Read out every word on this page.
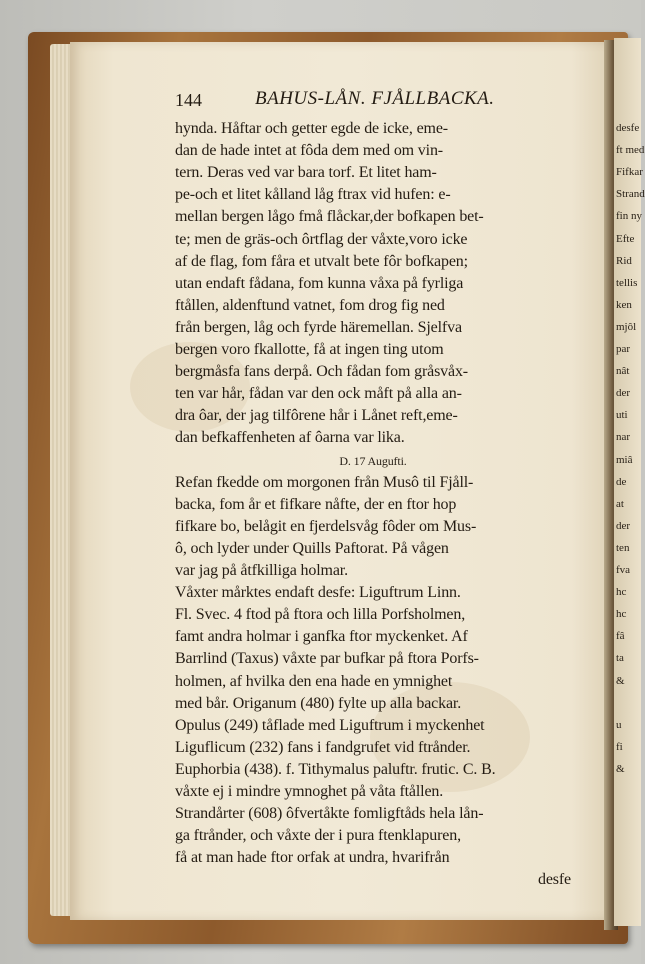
desfe
ft med
Fifkar
Strand
fin ny
Efte
Rid
tellis
ken
mjôl
par
nât
der
uti
nar
miâ
de
at
der
ten
fva
hc
hc
fâ
ta
&
u
fi
&
144	BAHUS-LÅN. FJÅLLBACKA.
hynda. Håftar och getter egde de icke, eme-
dan de hade intet at fôda dem med om vin-
tern. Deras ved var bara torf. Et litet ham-
pe-och et litet kålland låg ftrax vid hufen: e-
mellan bergen lågo fmå flåckar,der bofkapen bet-
te; men de gräs-och ôrtflag der våxte,voro icke
af de flag, fom fåra et utvalt bete fôr bofkapen;
utan endaft fådana, fom kunna våxa på fyrliga
ftållen, aldenftund vatnet, fom drog fig ned
från bergen, låg och fyrde häremellan. Sjelfva
bergen voro fkallotte, få at ingen ting utom
bergmåsfa fans derpå. Och fådan fom gråsvåx-
ten var hår, fådan var den ock måft på alla an-
dra ôar, der jag tilfôrene hår i Lånet reft,eme-
dan befkaffenheten af ôarna var lika.
D. 17 Augufti.
Refan fkedde om morgonen från Musô til Fjåll-
backa, fom år et fifkare nåfte, der en ftor hop
fifkare bo, belågit en fjerdelsvåg fôder om Mus-
ô, och lyder under Quills Paftorat. På vågen
var jag på åtfkilliga holmar.
Våxter mårktes endaft desfe: Liguftrum Linn.
Fl. Svec. 4 ftod på ftora och lilla Porfsholmen,
famt andra holmar i ganfka ftor myckenket. Af
Barrlind (Taxus) våxte par bufkar på ftora Porfs-
holmen, af hvilka den ena hade en ymnighet
med bår. Origanum (480) fylte up alla backar.
Opulus (249) tåflade med Liguftrum i myckenhet
Liguflicum (232) fans i fandgrufet vid ftrånder.
Euphorbia (438). f. Tithymalus paluftr. frutic. C. B.
våxte ej i mindre ymnoghet på våta ftållen.
Strandårter (608) ôfvertåkte fomligftåds hela lån-
ga ftrånder, och våxte der i pura ftenklapuren,
få at man hade ftor orfak at undra, hvarifrån
desfe
